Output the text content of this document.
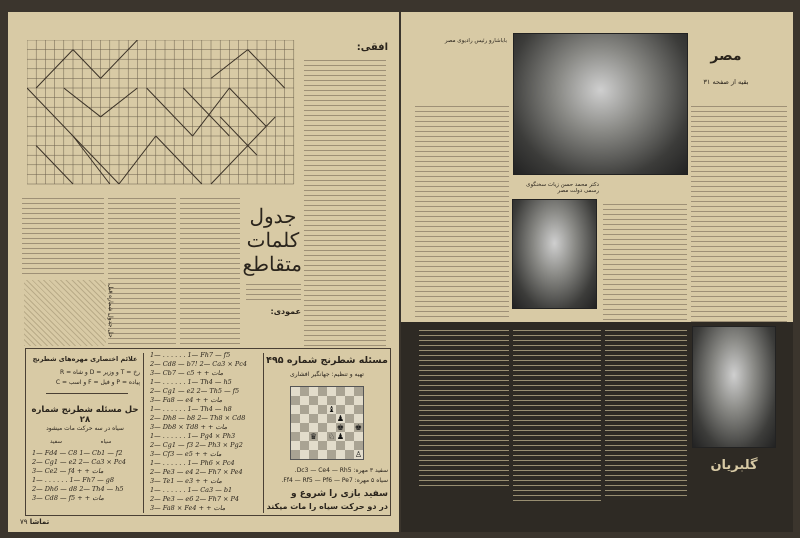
افقی:
جدول کلمات متقاطع
عمودی:
حل جدول شماره قبل
علائم اختصاری مهره‌های شطرنج
رخ = T و وزیر = D و شاه = R
پیاده = P و فیل = F و اسب = C
حل مسئله شطرنج شماره ۲۸
سیاه در سه حرکت مات میشود
سیاه
سفید
1— Fd4 — C8 1— Cb1 — f2
2— Cg1 — e2 2— Ca3 × Pc4
3— Ce2 — f4 + + مات
1— . . . . . . 1— Fh7 — g8
2— Dh6 — d8 2— Th4 — h5
3— Cd8 — f5 + + مات
1— . . . . . . 1— Fh7 — f5
2— Cd8 — b7! 2— Ca3 × Pc4
3— Cb7 — c5 + + مات
1— . . . . . . 1— Th4 — h5
2— Cg1 — e2 2— Th5 — f5
3— Fa8 — e4 + + مات
1— . . . . . . 1— Th4 — h8
2— Dh8 — b8 2— Th8 × Cd8
3— Db8 × Td8 + + مات
1— . . . . . . 1— Pg4 × Ph3
2— Cg1 — f3 2— Ph3 × Pg2
3— Cf3 — e5 + + مات
1— . . . . . . 1— Ph6 × Pc4
2— Pe3 — e4 2— Fh7 × Pe4
3— Te1 — e3 + + مات
1— . . . . . . 1— Ca3 — b1
2— Pe3 — e6 2— Fh7 × P4
3— Fa8 × Fe4 + + مات
مسئله شطرنج شماره ۴۹۵
تهیه و تنظیم: جهانگیر افشاری
♝
♟
♚ ♚
♛ ♘ ♟
♙
سفید ۳ مهره: Dc3 — Ce4 — Rh5.
سیاه ۵ مهره: Ff4 — Rf5 — Pf6 — Pe7.
سفید بازی را شروع و
در دو حرکت سیاه را مات میکند
۷۹ تماشا
مصر
بقیه از صفحه ۳۱
باباشارو رئیس رادیوی مصر
دکتر محمد حسن زیات سخنگوی رسمی دولت مصر
گلبریان
